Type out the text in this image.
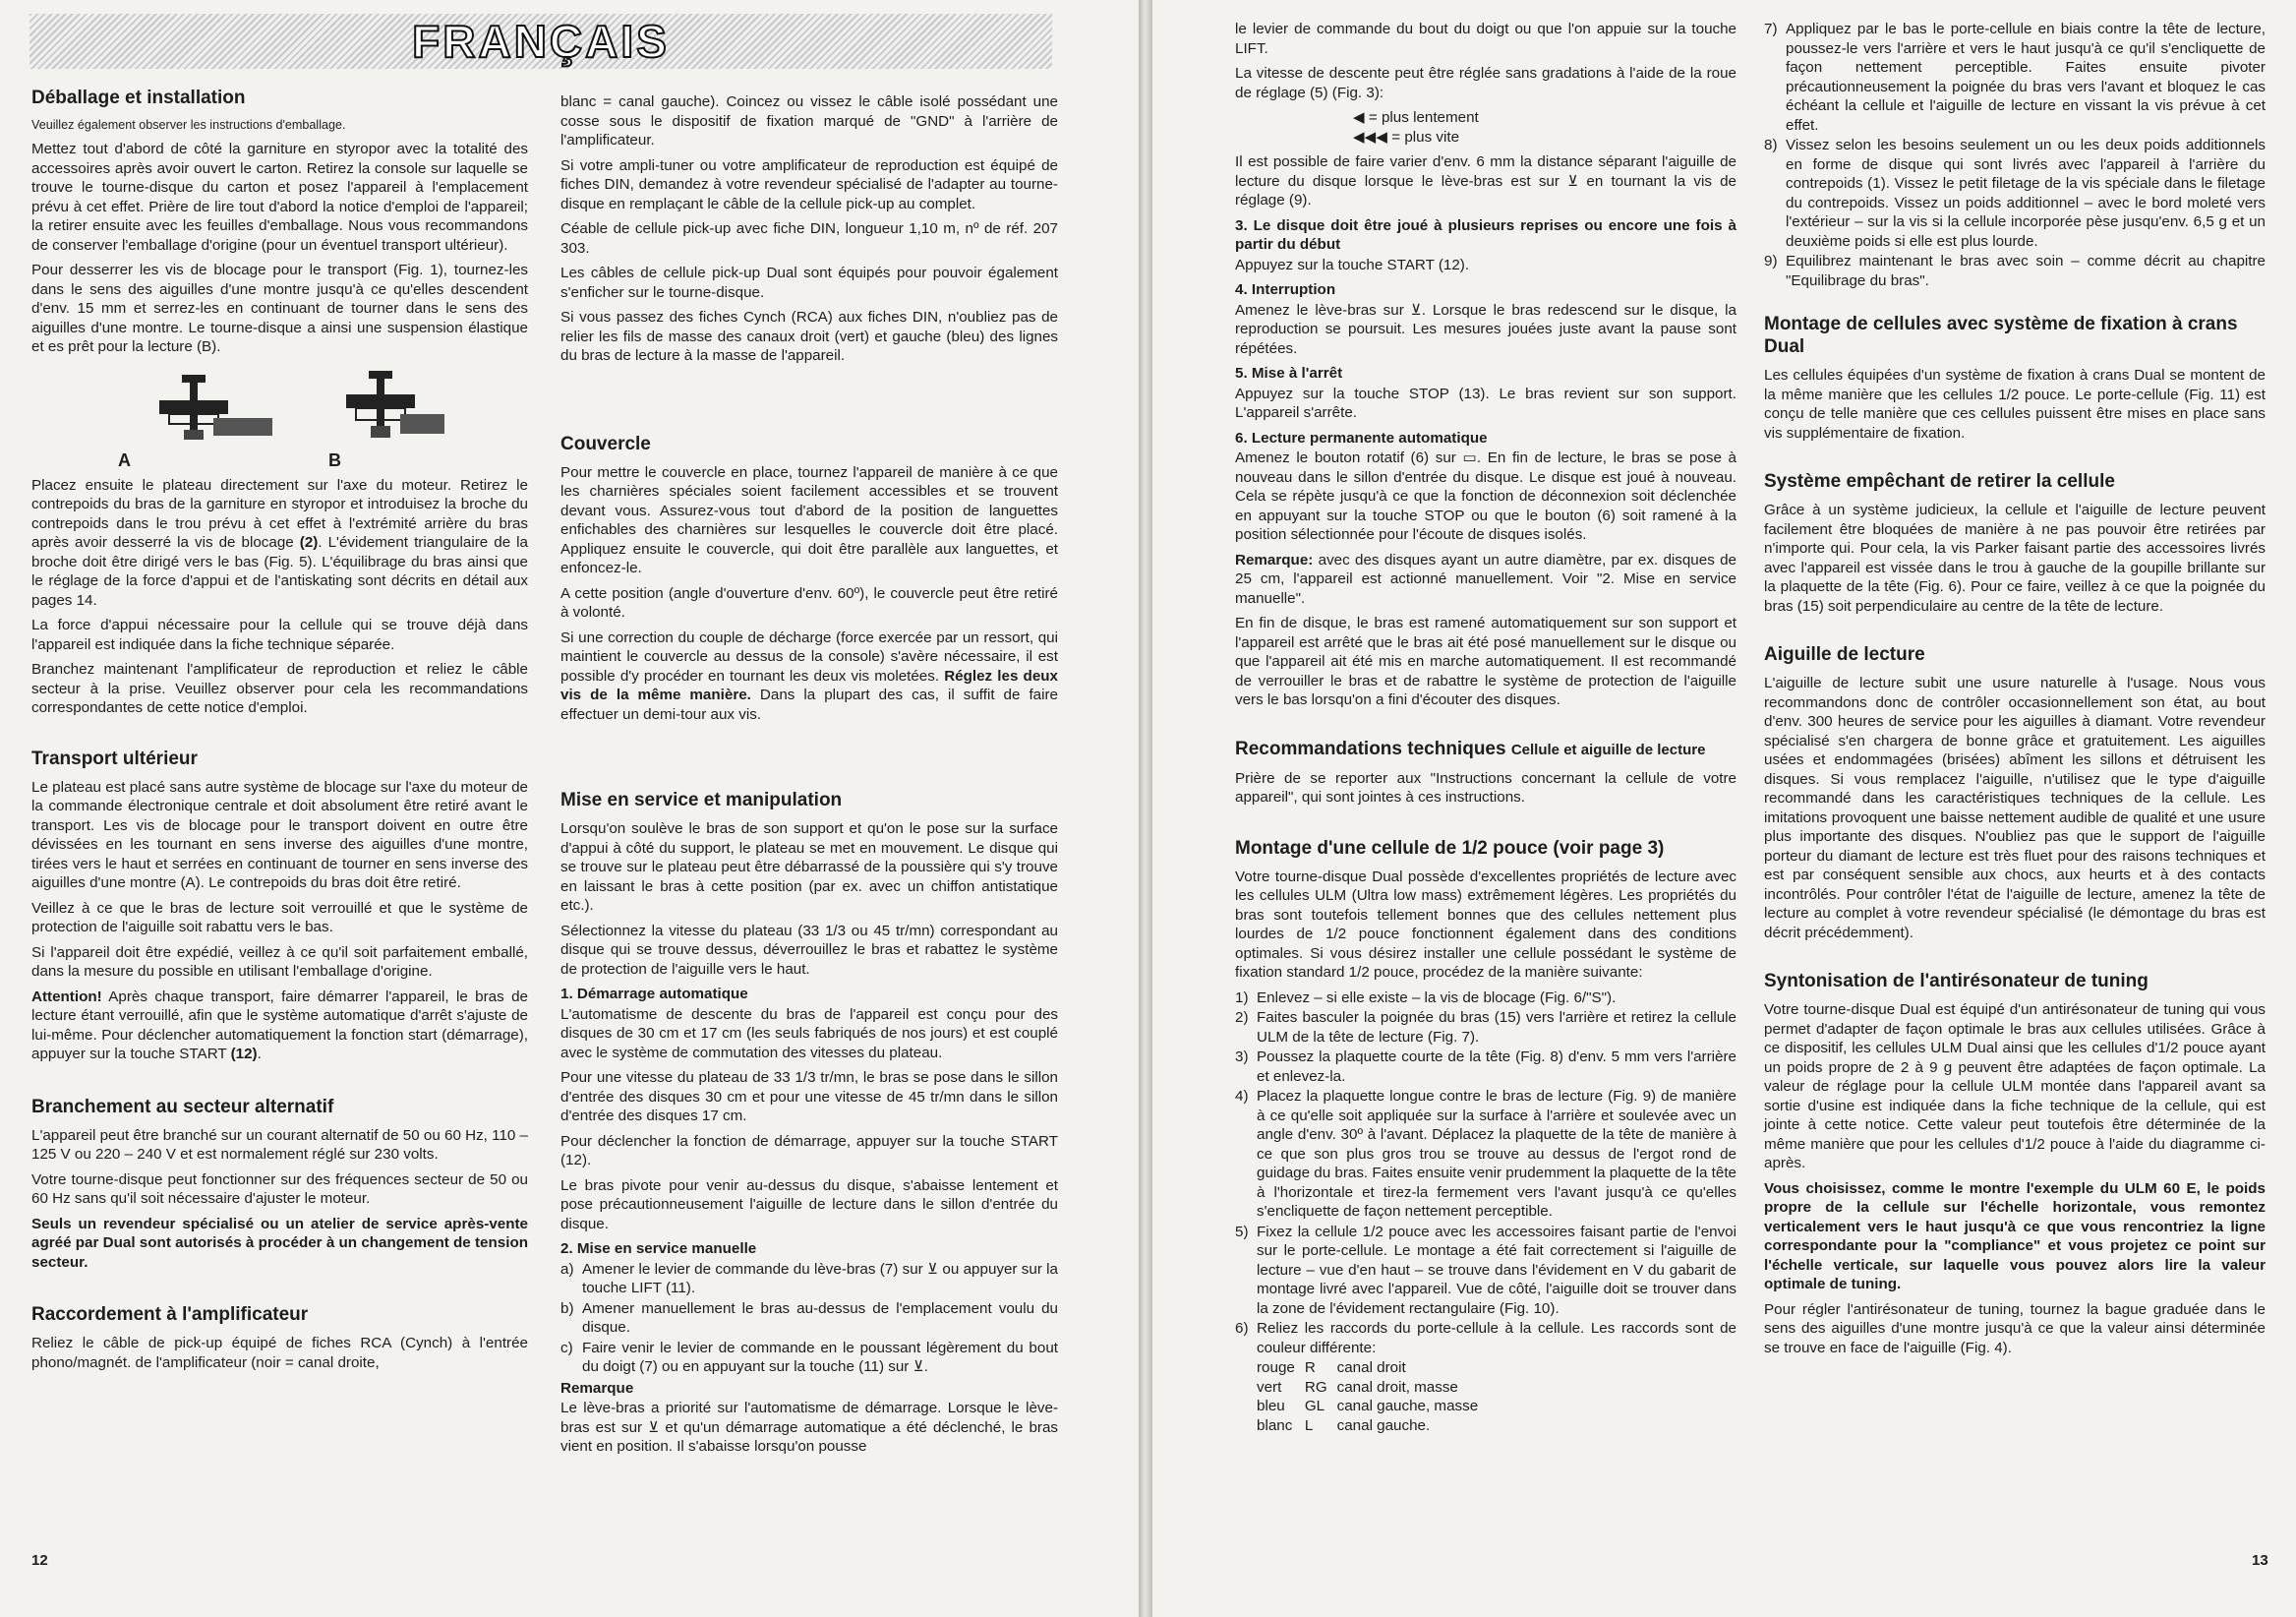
FRANÇAIS
Déballage et installation

Veuillez également observer les instructions d'emballage.

Mettez tout d'abord de côté la garniture en styropor avec la totalité des accessoires après avoir ouvert le carton. Retirez la console sur laquelle se trouve le tourne-disque du carton et posez l'appareil à l'emplacement prévu à cet effet. Prière de lire tout d'abord la notice d'emploi de l'appareil; la retirer ensuite avec les feuilles d'emballage. Nous vous recommandons de conserver l'emballage d'origine (pour un éventuel transport ultérieur).

Pour desserrer les vis de blocage pour le transport (Fig. 1), tournez-les dans le sens des aiguilles d'une montre jusqu'à ce qu'elles descendent d'env. 15 mm et serrez-les en continuant de tourner dans le sens des aiguilles d'une montre. Le tourne-disque a ainsi une suspension élastique et es prêt pour la lecture (B).

A	B

Placez ensuite le plateau directement sur l'axe du moteur. Retirez le contrepoids du bras de la garniture en styropor et introduisez la broche du contrepoids dans le trou prévu à cet effet à l'extrémité arrière du bras après avoir desserré la vis de blocage (2). L'évidement triangulaire de la broche doit être dirigé vers le bas (Fig. 5). L'équilibrage du bras ainsi que le réglage de la force d'appui et de l'antiskating sont décrits en détail aux pages 14.

La force d'appui nécessaire pour la cellule qui se trouve déjà dans l'appareil est indiquée dans la fiche technique séparée.

Branchez maintenant l'amplificateur de reproduction et reliez le câble secteur à la prise. Veuillez observer pour cela les recommandations correspondantes de cette notice d'emploi.

Transport ultérieur

Le plateau est placé sans autre système de blocage sur l'axe du moteur de la commande électronique centrale et doit absolument être retiré avant le transport. Les vis de blocage pour le transport doivent en outre être dévissées en les tournant en sens inverse des aiguilles d'une montre, tirées vers le haut et serrées en continuant de tourner en sens inverse des aiguilles d'une montre (A). Le contrepoids du bras doit être retiré.

Veillez à ce que le bras de lecture soit verrouillé et que le système de protection de l'aiguille soit rabattu vers le bas.

Si l'appareil doit être expédié, veillez à ce qu'il soit parfaitement emballé, dans la mesure du possible en utilisant l'emballage d'origine.

Attention! Après chaque transport, faire démarrer l'appareil, le bras de lecture étant verrouillé, afin que le système automatique d'arrêt s'ajuste de lui-même. Pour déclencher automatiquement la fonction start (démarrage), appuyer sur la touche START (12).

Branchement au secteur alternatif

L'appareil peut être branché sur un courant alternatif de 50 ou 60 Hz, 110 – 125 V ou 220 – 240 V et est normalement réglé sur 230 volts.

Votre tourne-disque peut fonctionner sur des fréquences secteur de 50 ou 60 Hz sans qu'il soit nécessaire d'ajuster le moteur.

Seuls un revendeur spécialisé ou un atelier de service après-vente agréé par Dual sont autorisés à procéder à un changement de tension secteur.

Raccordement à l'amplificateur

Reliez le câble de pick-up équipé de fiches RCA (Cynch) à l'entrée phono/magnét. de l'amplificateur (noir = canal droite,

blanc = canal gauche). Coincez ou vissez le câble isolé possédant une cosse sous le dispositif de fixation marqué de "GND" à l'arrière de l'amplificateur.

Si votre ampli-tuner ou votre amplificateur de reproduction est équipé de fiches DIN, demandez à votre revendeur spécialisé de l'adapter au tourne-disque en remplaçant le câble de la cellule pick-up au complet.

Céable de cellule pick-up avec fiche DIN, longueur 1,10 m, nº de réf. 207 303.

Les câbles de cellule pick-up Dual sont équipés pour pouvoir également s'enficher sur le tourne-disque.

Si vous passez des fiches Cynch (RCA) aux fiches DIN, n'oubliez pas de relier les fils de masse des canaux droit (vert) et gauche (bleu) des lignes du bras de lecture à la masse de l'appareil.

Couvercle

Pour mettre le couvercle en place, tournez l'appareil de manière à ce que les charnières spéciales soient facilement accessibles et se trouvent devant vous. Assurez-vous tout d'abord de la position de languettes enfichables des charnières sur lesquelles le couvercle doit être placé. Appliquez ensuite le couvercle, qui doit être parallèle aux languettes, et enfoncez-le.

A cette position (angle d'ouverture d'env. 60º), le couvercle peut être retiré à volonté.

Si une correction du couple de décharge (force exercée par un ressort, qui maintient le couvercle au dessus de la console) s'avère nécessaire, il est possible d'y procéder en tournant les deux vis moletées. Réglez les deux vis de la même manière. Dans la plupart des cas, il suffit de faire effectuer un demi-tour aux vis.

Mise en service et manipulation

Lorsqu'on soulève le bras de son support et qu'on le pose sur la surface d'appui à côté du support, le plateau se met en mouvement. Le disque qui se trouve sur le plateau peut être débarrassé de la poussière qui s'y trouve en laissant le bras à cette position (par ex. avec un chiffon antistatique etc.).

Sélectionnez la vitesse du plateau (33 1/3 ou 45 tr/mn) correspondant au disque qui se trouve dessus, déverrouillez le bras et rabattez le système de protection de l'aiguille vers le haut.

1. Démarrage automatique

L'automatisme de descente du bras de l'appareil est conçu pour des disques de 30 cm et 17 cm (les seuls fabriqués de nos jours) et est couplé avec le système de commutation des vitesses du plateau.

Pour une vitesse du plateau de 33 1/3 tr/mn, le bras se pose dans le sillon d'entrée des disques 30 cm et pour une vitesse de 45 tr/mn dans le sillon d'entrée des disques 17 cm.

Pour déclencher la fonction de démarrage, appuyer sur la touche START (12).

Le bras pivote pour venir au-dessus du disque, s'abaisse lentement et pose précautionneusement l'aiguille de lecture dans le sillon d'entrée du disque.

2. Mise en service manuelle

a) Amener le levier de commande du lève-bras (7) sur ⊻ ou appuyer sur la touche LIFT (11).
b) Amener manuellement le bras au-dessus de l'emplacement voulu du disque.
c) Faire venir le levier de commande en le poussant légèrement du bout du doigt (7) ou en appuyant sur la touche (11) sur ⊻.

Remarque

Le lève-bras a priorité sur l'automatisme de démarrage. Lorsque le lève-bras est sur ⊻ et qu'un démarrage automatique a été déclenché, le bras vient en position. Il s'abaisse lorsqu'on pousse

12

le levier de commande du bout du doigt ou que l'on appuie sur la touche LIFT.

La vitesse de descente peut être réglée sans gradations à l'aide de la roue de réglage (5) (Fig. 3):

◀ = plus lentement

◀◀◀ = plus vite

Il est possible de faire varier d'env. 6 mm la distance séparant l'aiguille de lecture du disque lorsque le lève-bras est sur ⊻ en tournant la vis de réglage (9).

3. Le disque doit être joué à plusieurs reprises ou encore une fois à partir du début

Appuyez sur la touche START (12).

4. Interruption

Amenez le lève-bras sur ⊻. Lorsque le bras redescend sur le disque, la reproduction se poursuit. Les mesures jouées juste avant la pause sont répétées.

5. Mise à l'arrêt

Appuyez sur la touche STOP (13). Le bras revient sur son support. L'appareil s'arrête.

6. Lecture permanente automatique

Amenez le bouton rotatif (6) sur ▭. En fin de lecture, le bras se pose à nouveau dans le sillon d'entrée du disque. Le disque est joué à nouveau. Cela se répète jusqu'à ce que la fonction de déconnexion soit déclenchée en appuyant sur la touche STOP ou que le bouton (6) soit ramené à la position sélectionnée pour l'écoute de disques isolés.

Remarque: avec des disques ayant un autre diamètre, par ex. disques de 25 cm, l'appareil est actionné manuellement. Voir "2. Mise en service manuelle".

En fin de disque, le bras est ramené automatiquement sur son support et l'appareil est arrêté que le bras ait été posé manuellement sur le disque ou que l'appareil ait été mis en marche automatiquement. Il est recommandé de verrouiller le bras et de rabattre le système de protection de l'aiguille vers le bas lorsqu'on a fini d'écouter des disques.

Recommandations techniques Cellule et aiguille de lecture

Prière de se reporter aux "Instructions concernant la cellule de votre appareil", qui sont jointes à ces instructions.

Montage d'une cellule de 1/2 pouce (voir page 3)

Votre tourne-disque Dual possède d'excellentes propriétés de lecture avec les cellules ULM (Ultra low mass) extrêmement légères. Les propriétés du bras sont toutefois tellement bonnes que des cellules nettement plus lourdes de 1/2 pouce fonctionnent également dans des conditions optimales. Si vous désirez installer une cellule possédant le système de fixation standard 1/2 pouce, procédez de la manière suivante:

1) Enlevez – si elle existe – la vis de blocage (Fig. 6/"S").
2) Faites basculer la poignée du bras (15) vers l'arrière et retirez la cellule ULM de la tête de lecture (Fig. 7).
3) Poussez la plaquette courte de la tête (Fig. 8) d'env. 5 mm vers l'arrière et enlevez-la.
4) Placez la plaquette longue contre le bras de lecture (Fig. 9) de manière à ce qu'elle soit appliquée sur la surface à l'arrière et soulevée avec un angle d'env. 30º à l'avant. Déplacez la plaquette de la tête de manière à ce que son plus gros trou se trouve au dessus de l'ergot rond de guidage du bras. Faites ensuite venir prudemment la plaquette de la tête à l'horizontale et tirez-la fermement vers l'avant jusqu'à ce qu'elles s'encliquette de façon nettement perceptible.
5) Fixez la cellule 1/2 pouce avec les accessoires faisant partie de l'envoi sur le porte-cellule. Le montage a été fait correctement si l'aiguille de lecture – vue d'en haut – se trouve dans l'évidement en V du gabarit de montage livré avec l'appareil. Vue de côté, l'aiguille doit se trouver dans la zone de l'évidement rectangulaire (Fig. 10).
6) Reliez les raccords du porte-cellule à la cellule. Les raccords sont de couleur différente:
rouge	R	canal droit
vert	RG	canal droit, masse
bleu	GL	canal gauche, masse
blanc	L	canal gauche.
7) Appliquez par le bas le porte-cellule en biais contre la tête de lecture, poussez-le vers l'arrière et vers le haut jusqu'à ce qu'il s'encliquette de façon nettement perceptible. Faites ensuite pivoter précautionneusement la poignée du bras vers l'avant et bloquez le cas échéant la cellule et l'aiguille de lecture en vissant la vis prévue à cet effet.
8) Vissez selon les besoins seulement un ou les deux poids additionnels en forme de disque qui sont livrés avec l'appareil à l'arrière du contrepoids (1). Vissez le petit filetage de la vis spéciale dans le filetage du contrepoids. Vissez un poids additionnel – avec le bord moleté vers l'extérieur – sur la vis si la cellule incorporée pèse jusqu'env. 6,5 g et un deuxième poids si elle est plus lourde.
9) Equilibrez maintenant le bras avec soin – comme décrit au chapitre "Equilibrage du bras".
Montage de cellules avec système de fixation à crans Dual

Les cellules équipées d'un système de fixation à crans Dual se montent de la même manière que les cellules 1/2 pouce. Le porte-cellule (Fig. 11) est conçu de telle manière que ces cellules puissent être mises en place sans vis supplémentaire de fixation.

Système empêchant de retirer la cellule

Grâce à un système judicieux, la cellule et l'aiguille de lecture peuvent facilement être bloquées de manière à ne pas pouvoir être retirées par n'importe qui. Pour cela, la vis Parker faisant partie des accessoires livrés avec l'appareil est vissée dans le trou à gauche de la goupille brillante sur la plaquette de la tête (Fig. 6). Pour ce faire, veillez à ce que la poignée du bras (15) soit perpendiculaire au centre de la tête de lecture.

Aiguille de lecture

L'aiguille de lecture subit une usure naturelle à l'usage. Nous vous recommandons donc de contrôler occasionnellement son état, au bout d'env. 300 heures de service pour les aiguilles à diamant. Votre revendeur spécialisé s'en chargera de bonne grâce et gratuitement. Les aiguilles usées et endommagées (brisées) abîment les sillons et détruisent les disques. Si vous remplacez l'aiguille, n'utilisez que le type d'aiguille recommandé dans les caractéristiques techniques de la cellule. Les imitations provoquent une baisse nettement audible de qualité et une usure plus importante des disques. N'oubliez pas que le support de l'aiguille porteur du diamant de lecture est très fluet pour des raisons techniques et est par conséquent sensible aux chocs, aux heurts et à des contacts incontrôlés. Pour contrôler l'état de l'aiguille de lecture, amenez la tête de lecture au complet à votre revendeur spécialisé (le démontage du bras est décrit précédemment).

Syntonisation de l'antirésonateur de tuning

Votre tourne-disque Dual est équipé d'un antirésonateur de tuning qui vous permet d'adapter de façon optimale le bras aux cellules utilisées. Grâce à ce dispositif, les cellules ULM Dual ainsi que les cellules d'1/2 pouce ayant un poids propre de 2 à 9 g peuvent être adaptées de façon optimale. La valeur de réglage pour la cellule ULM montée dans l'appareil avant sa sortie d'usine est indiquée dans la fiche technique de la cellule, qui est jointe à cette notice. Cette valeur peut toutefois être déterminée de la même manière que pour les cellules d'1/2 pouce à l'aide du diagramme ci-après.

Vous choisissez, comme le montre l'exemple du ULM 60 E, le poids propre de la cellule sur l'échelle horizontale, vous remontez verticalement vers le haut jusqu'à ce que vous rencontriez la ligne correspondante pour la "compliance" et vous projetez ce point sur l'échelle verticale, sur laquelle vous pouvez alors lire la valeur optimale de tuning.

Pour régler l'antirésonateur de tuning, tournez la bague graduée dans le sens des aiguilles d'une montre jusqu'à ce que la valeur ainsi déterminée se trouve en face de l'aiguille (Fig. 4).

13
